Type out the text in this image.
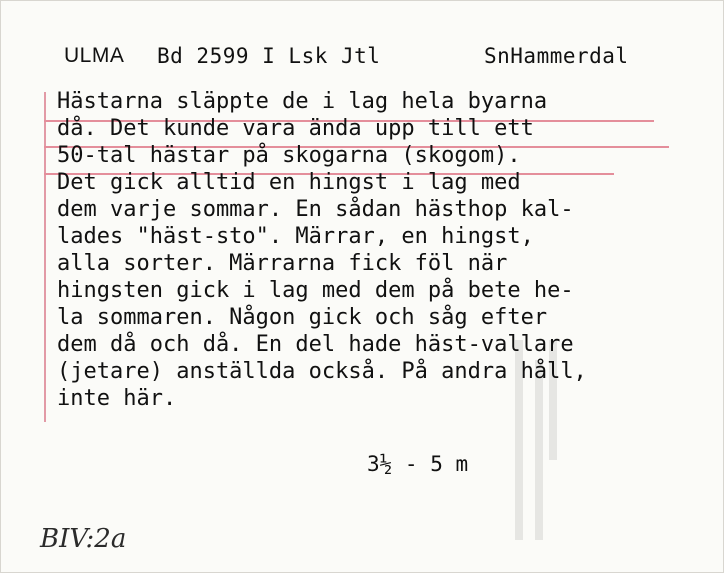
ULMA Bd 2599 I Lsk Jtl	SnHammerdal
Hästarna släppte de i lag hela byarna
då. Det kunde vara ända upp till ett
50-tal hästar på skogarna (skogom).
Det gick alltid en hingst i lag med
dem varje sommar. En sådan hästhop kal-
lades "häst-sto". Märrar, en hingst,
alla sorter. Märrarna fick föl när
hingsten gick i lag med dem på bete he-
la sommaren. Någon gick och såg efter
dem då och då. En del hade häst-vallare
(jetare) anställda också. På andra håll,
inte här.
3½ - 5 m
BIV:2a
